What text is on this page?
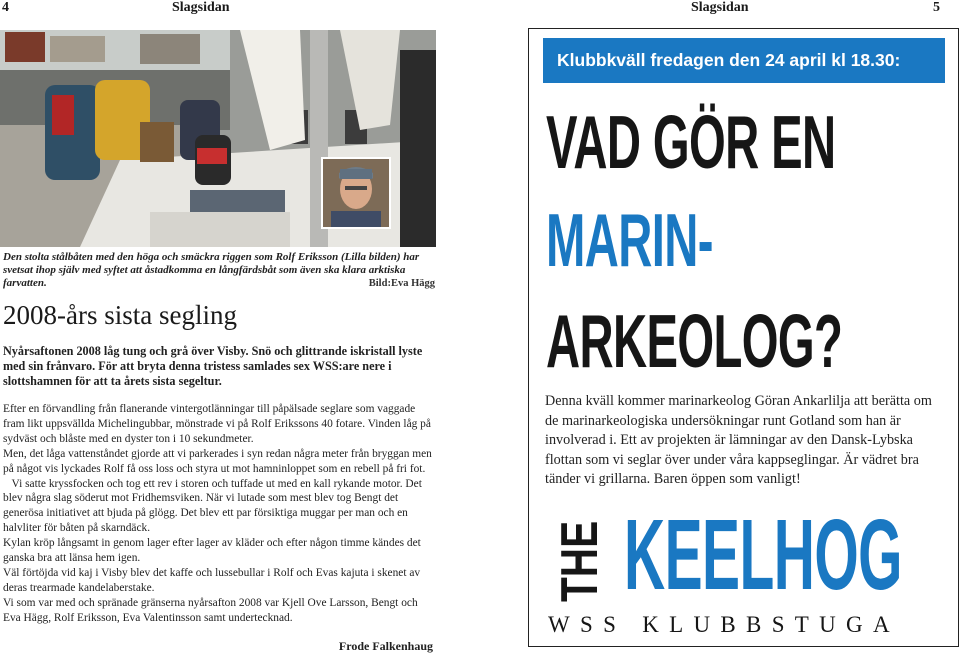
4	Slagsidan
Den stolta stålbåten med den höga och smäckra riggen som Rolf Eriksson (Lilla bilden) har svetsat ihop själv med syftet att åstadkomma en långfärdsbåt som även ska klara arktiska farvatten.	Bild:Eva Hägg
2008-års sista segling
Nyårsaftonen 2008 låg tung och grå över Visby. Snö och glittrande iskristall lyste med sin frånvaro. För att bryta denna tristess samlades sex WSS:are nere i slottshamnen för att ta årets sista segeltur.

Efter en förvandling från flanerande vintergotlänningar till påpälsade seglare som vaggade fram likt uppsvällda Michelingubbar, mönstrade vi på Rolf Erikssons 40 fotare. Vinden låg på sydväst och blåste med en dyster ton i 10 sekundmeter.

Men, det låga vattenståndet gjorde att vi parkerades i syn redan några meter från bryggan men på något vis lyckades Rolf få oss loss och styra ut mot hamninloppet som en rebell på fri fot.

Vi satte kryssfocken och tog ett rev i storen och tuffade ut med en kall rykande motor. Det blev några slag söderut mot Fridhemsviken. När vi lutade som mest blev tog Bengt det generösa initiativet att bjuda på glögg. Det blev ett par försiktiga muggar per man och en halvliter för båten på skarndäck.

Kylan kröp långsamt in genom lager efter lager av kläder och efter någon timme kändes det ganska bra att länsa hem igen.

Väl förtöjda vid kaj i Visby blev det kaffe och lussebullar i Rolf och Evas kajuta i skenet av deras trearmade kandelaberstake.

Vi som var med och spränade gränserna nyårsafton 2008 var Kjell Ove Larsson, Bengt och Eva Hägg, Rolf Eriksson, Eva Valentinsson samt undertecknad.

Frode Falkenhaug
Slagsidan	5
Klubbkväll fredagen den 24 april kl 18.30:
VAD GÖR EN
MARIN-
ARKEOLOG?
Denna kväll kommer marinarkeolog Göran Ankarlilja att berätta om de marinarkeologiska undersökningar runt Gotland som han är involverad i. Ett av projekten är lämningar av den Dansk-Lybska flottan som vi seglar över under våra kappseglingar. Är vädret bra tänder vi grillarna. Baren öppen som vanligt!
THE KEELHOG
WSS KLUBBSTUGA
